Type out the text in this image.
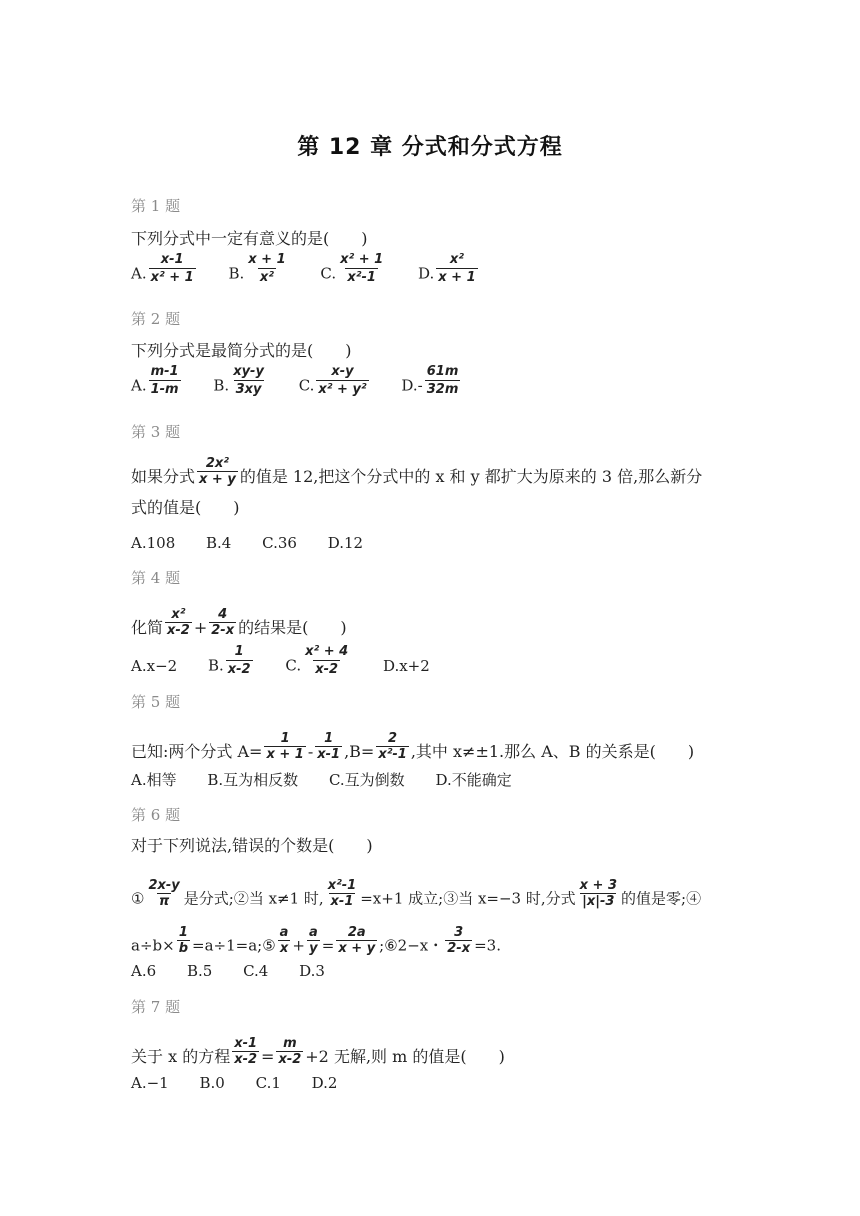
第 12 章 分式和分式方程
第 1 题
下列分式中一定有意义的是(　　)
A. $\frac{x-1}{\text{x² + 1}} B$. $\frac{x + 1}{\text{x²}} C$. $\frac{\text{x² + 1}}{\text{x²-1}} D$. $\frac{\text{x²}}{x + 1}$
第 2 题
下列分式是最简分式的是(　　)
A. $\frac{m-1}{1-m} B$. $\frac{xy-y}{3xy} C$. $\frac{x-y}{\text{x² + y²}} D.- \frac{61m}{32m}$
第 3 题
如果分式 $\frac{\text{2x²}}{x + y}$ 的值是 12,把这个分式中的 x 和 y 都扩大为原来的 3 倍,那么新分
式的值是(　　)
A.108 B.4 C.36 D.12
第 4 题
化简 $\frac{\text{x²}}{x-2} + \frac{4}{2-x}$ 的结果是(　　)
A.x−2 B. $\frac{1}{x-2} C$. $\frac{\text{x² + 4}}{x-2} D.x+2$
第 5 题
已知:两个分式 $A= \frac{1}{x + 1} - \frac{1}{x-1} ,B= \frac{2}{\text{x²-1}}$ ,其中 x≠±1.那么 A、B 的关系是(　　)
A.相等 B.互为相反数 C.互为倒数 D.不能确定
第 6 题
对于下列说法,错误的个数是(　　)
① $\frac{2x-y}{\pi}$ 是分式;②当 x≠1 时, $\frac{\text{x²-1}}{x-1} =x+1$ 成立;③当 x=−3 时,分式 $\frac{x + 3}{|x|-3}$ 的值是零;④
$a\div b\times \frac{1}{b}$ =a÷1=a;⑤ $\frac{a}{x} + \frac{a}{y} = \frac{2a}{x + y}$ ;⑥2−x・ $\frac{3}{2-x} =3$.
A.6 B.5 C.4 D.3
第 7 题
关于 x 的方程 $\frac{x-1}{x-2} = \frac{m}{x-2} +2$ 无解,则 m 的值是(　　)
A.−1 B.0 C.1 D.2
